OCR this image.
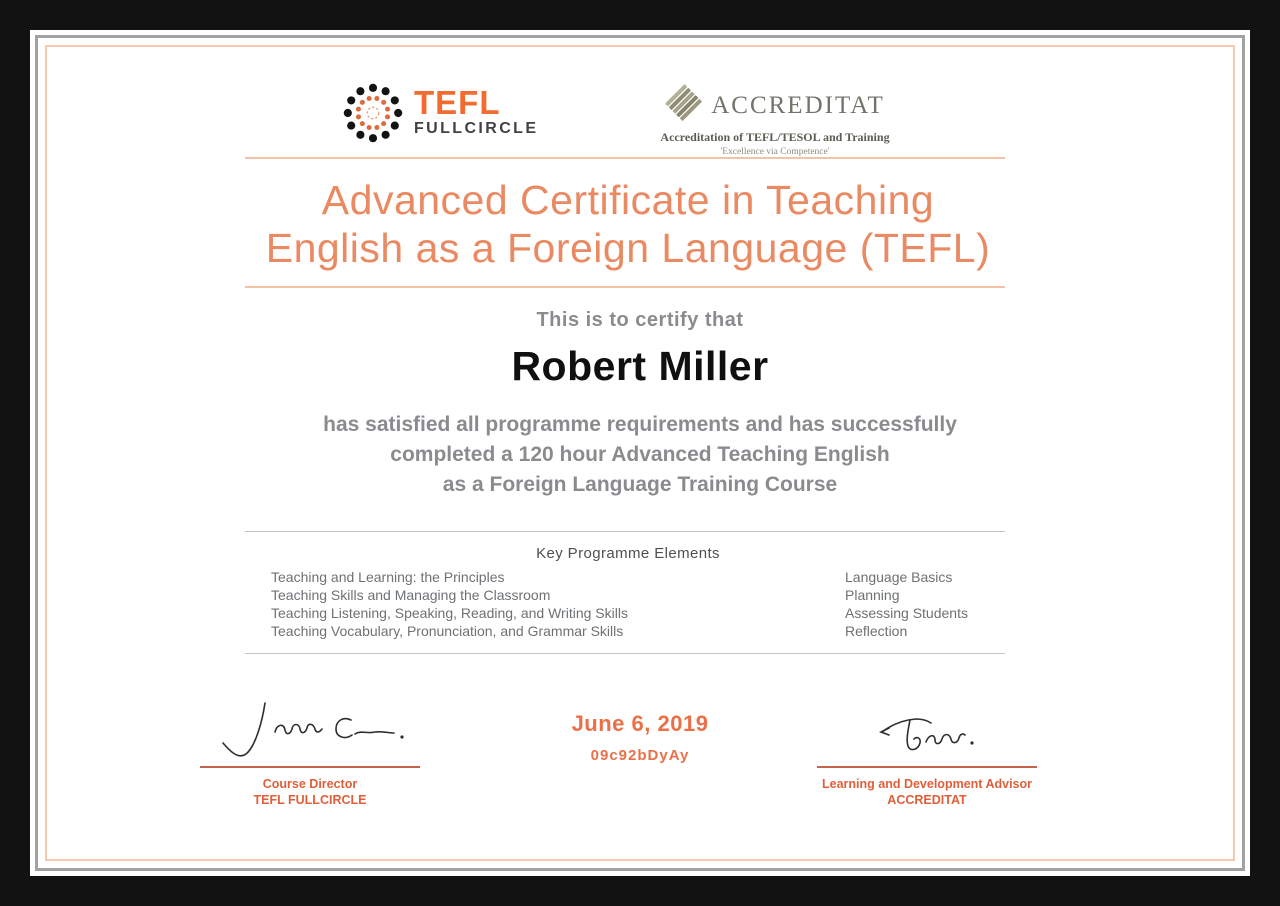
TEFL
FULLCIRCLE
ACCREDITAT
Accreditation of TEFL/TESOL and Training
'Excellence via Competence'
Advanced Certificate in Teaching
English as a Foreign Language (TEFL)
This is to certify that
Robert Miller
has satisfied all programme requirements and has successfully
completed a 120 hour Advanced Teaching English
as a Foreign Language Training Course
Key Programme Elements
Teaching and Learning: the Principles
Teaching Skills and Managing the Classroom
Teaching Listening, Speaking, Reading, and Writing Skills
Teaching Vocabulary, Pronunciation, and Grammar Skills
Language Basics
Planning
Assessing Students
Reflection
Course Director
TEFL FULLCIRCLE
June 6, 2019
09c92bDyAy
Learning and Development Advisor
ACCREDITAT
